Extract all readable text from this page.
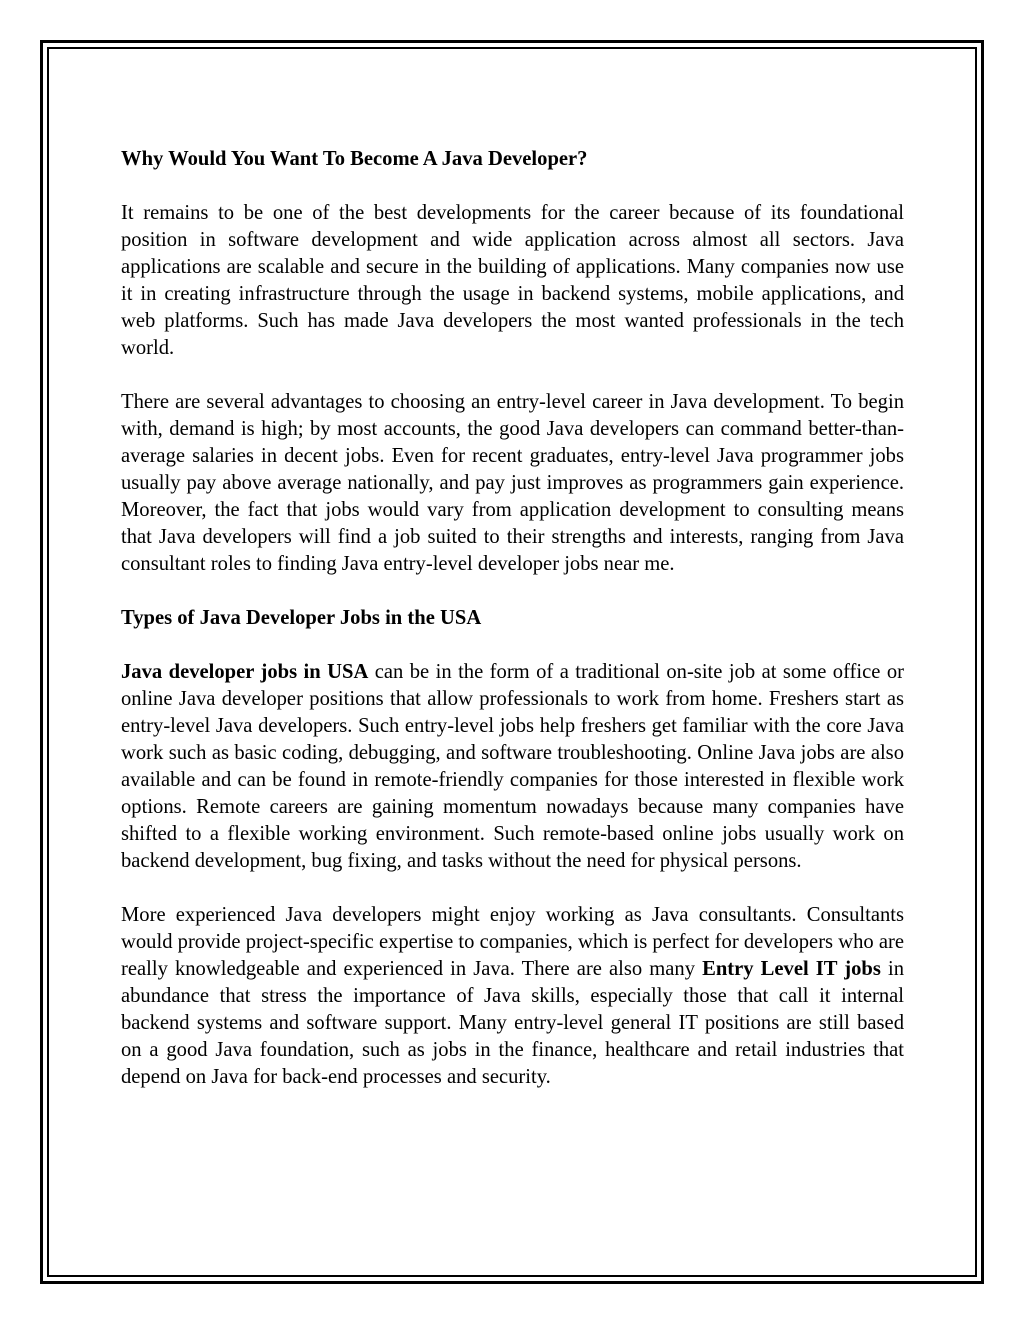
Why Would You Want To Become A Java Developer?

It remains to be one of the best developments for the career because of its foundational position in software development and wide application across almost all sectors. Java applications are scalable and secure in the building of applications. Many companies now use it in creating infrastructure through the usage in backend systems, mobile applications, and web platforms. Such has made Java developers the most wanted professionals in the tech world.

There are several advantages to choosing an entry-level career in Java development. To begin with, demand is high; by most accounts, the good Java developers can command better-than-average salaries in decent jobs. Even for recent graduates, entry-level Java programmer jobs usually pay above average nationally, and pay just improves as programmers gain experience. Moreover, the fact that jobs would vary from application development to consulting means that Java developers will find a job suited to their strengths and interests, ranging from Java consultant roles to finding Java entry-level developer jobs near me.

Types of Java Developer Jobs in the USA

Java developer jobs in USA can be in the form of a traditional on-site job at some office or online Java developer positions that allow professionals to work from home. Freshers start as entry-level Java developers. Such entry-level jobs help freshers get familiar with the core Java work such as basic coding, debugging, and software troubleshooting. Online Java jobs are also available and can be found in remote-friendly companies for those interested in flexible work options. Remote careers are gaining momentum nowadays because many companies have shifted to a flexible working environment. Such remote-based online jobs usually work on backend development, bug fixing, and tasks without the need for physical persons.

More experienced Java developers might enjoy working as Java consultants. Consultants would provide project-specific expertise to companies, which is perfect for developers who are really knowledgeable and experienced in Java. There are also many Entry Level IT jobs in abundance that stress the importance of Java skills, especially those that call it internal backend systems and software support. Many entry-level general IT positions are still based on a good Java foundation, such as jobs in the finance, healthcare and retail industries that depend on Java for back-end processes and security.
